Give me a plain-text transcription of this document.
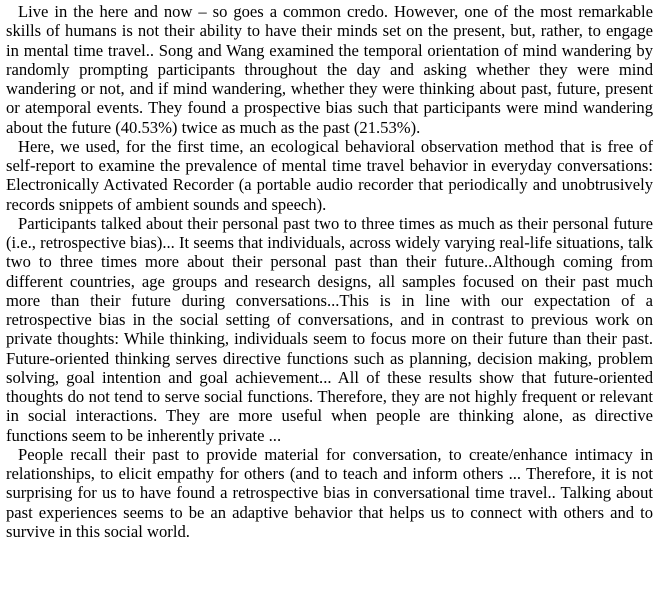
Live in the here and now – so goes a common credo. However, one of the most remarkable skills of humans is not their ability to have their minds set on the present, but, rather, to engage in mental time travel.. Song and Wang examined the temporal orientation of mind wandering by randomly prompting participants throughout the day and asking whether they were mind wandering or not, and if mind wandering, whether they were thinking about past, future, present or atemporal events. They found a prospective bias such that participants were mind wandering about the future (40.53%) twice as much as the past (21.53%).

Here, we used, for the first time, an ecological behavioral observation method that is free of self-report to examine the prevalence of mental time travel behavior in everyday conversations: Electronically Activated Recorder (a portable audio recorder that periodically and unobtrusively records snippets of ambient sounds and speech).

Participants talked about their personal past two to three times as much as their personal future (i.e., retrospective bias)... It seems that individuals, across widely varying real-life situations, talk two to three times more about their personal past than their future..Although coming from different countries, age groups and research designs, all samples focused on their past much more than their future during conversations...This is in line with our expectation of a retrospective bias in the social setting of conversations, and in contrast to previous work on private thoughts: While thinking, individuals seem to focus more on their future than their past. Future-oriented thinking serves directive functions such as planning, decision making, problem solving, goal intention and goal achievement... All of these results show that future-oriented thoughts do not tend to serve social functions. Therefore, they are not highly frequent or relevant in social interactions. They are more useful when people are thinking alone, as directive functions seem to be inherently private ...

People recall their past to provide material for conversation, to create/enhance intimacy in relationships, to elicit empathy for others (and to teach and inform others ... Therefore, it is not surprising for us to have found a retrospective bias in conversational time travel.. Talking about past experiences seems to be an adaptive behavior that helps us to connect with others and to survive in this social world.
